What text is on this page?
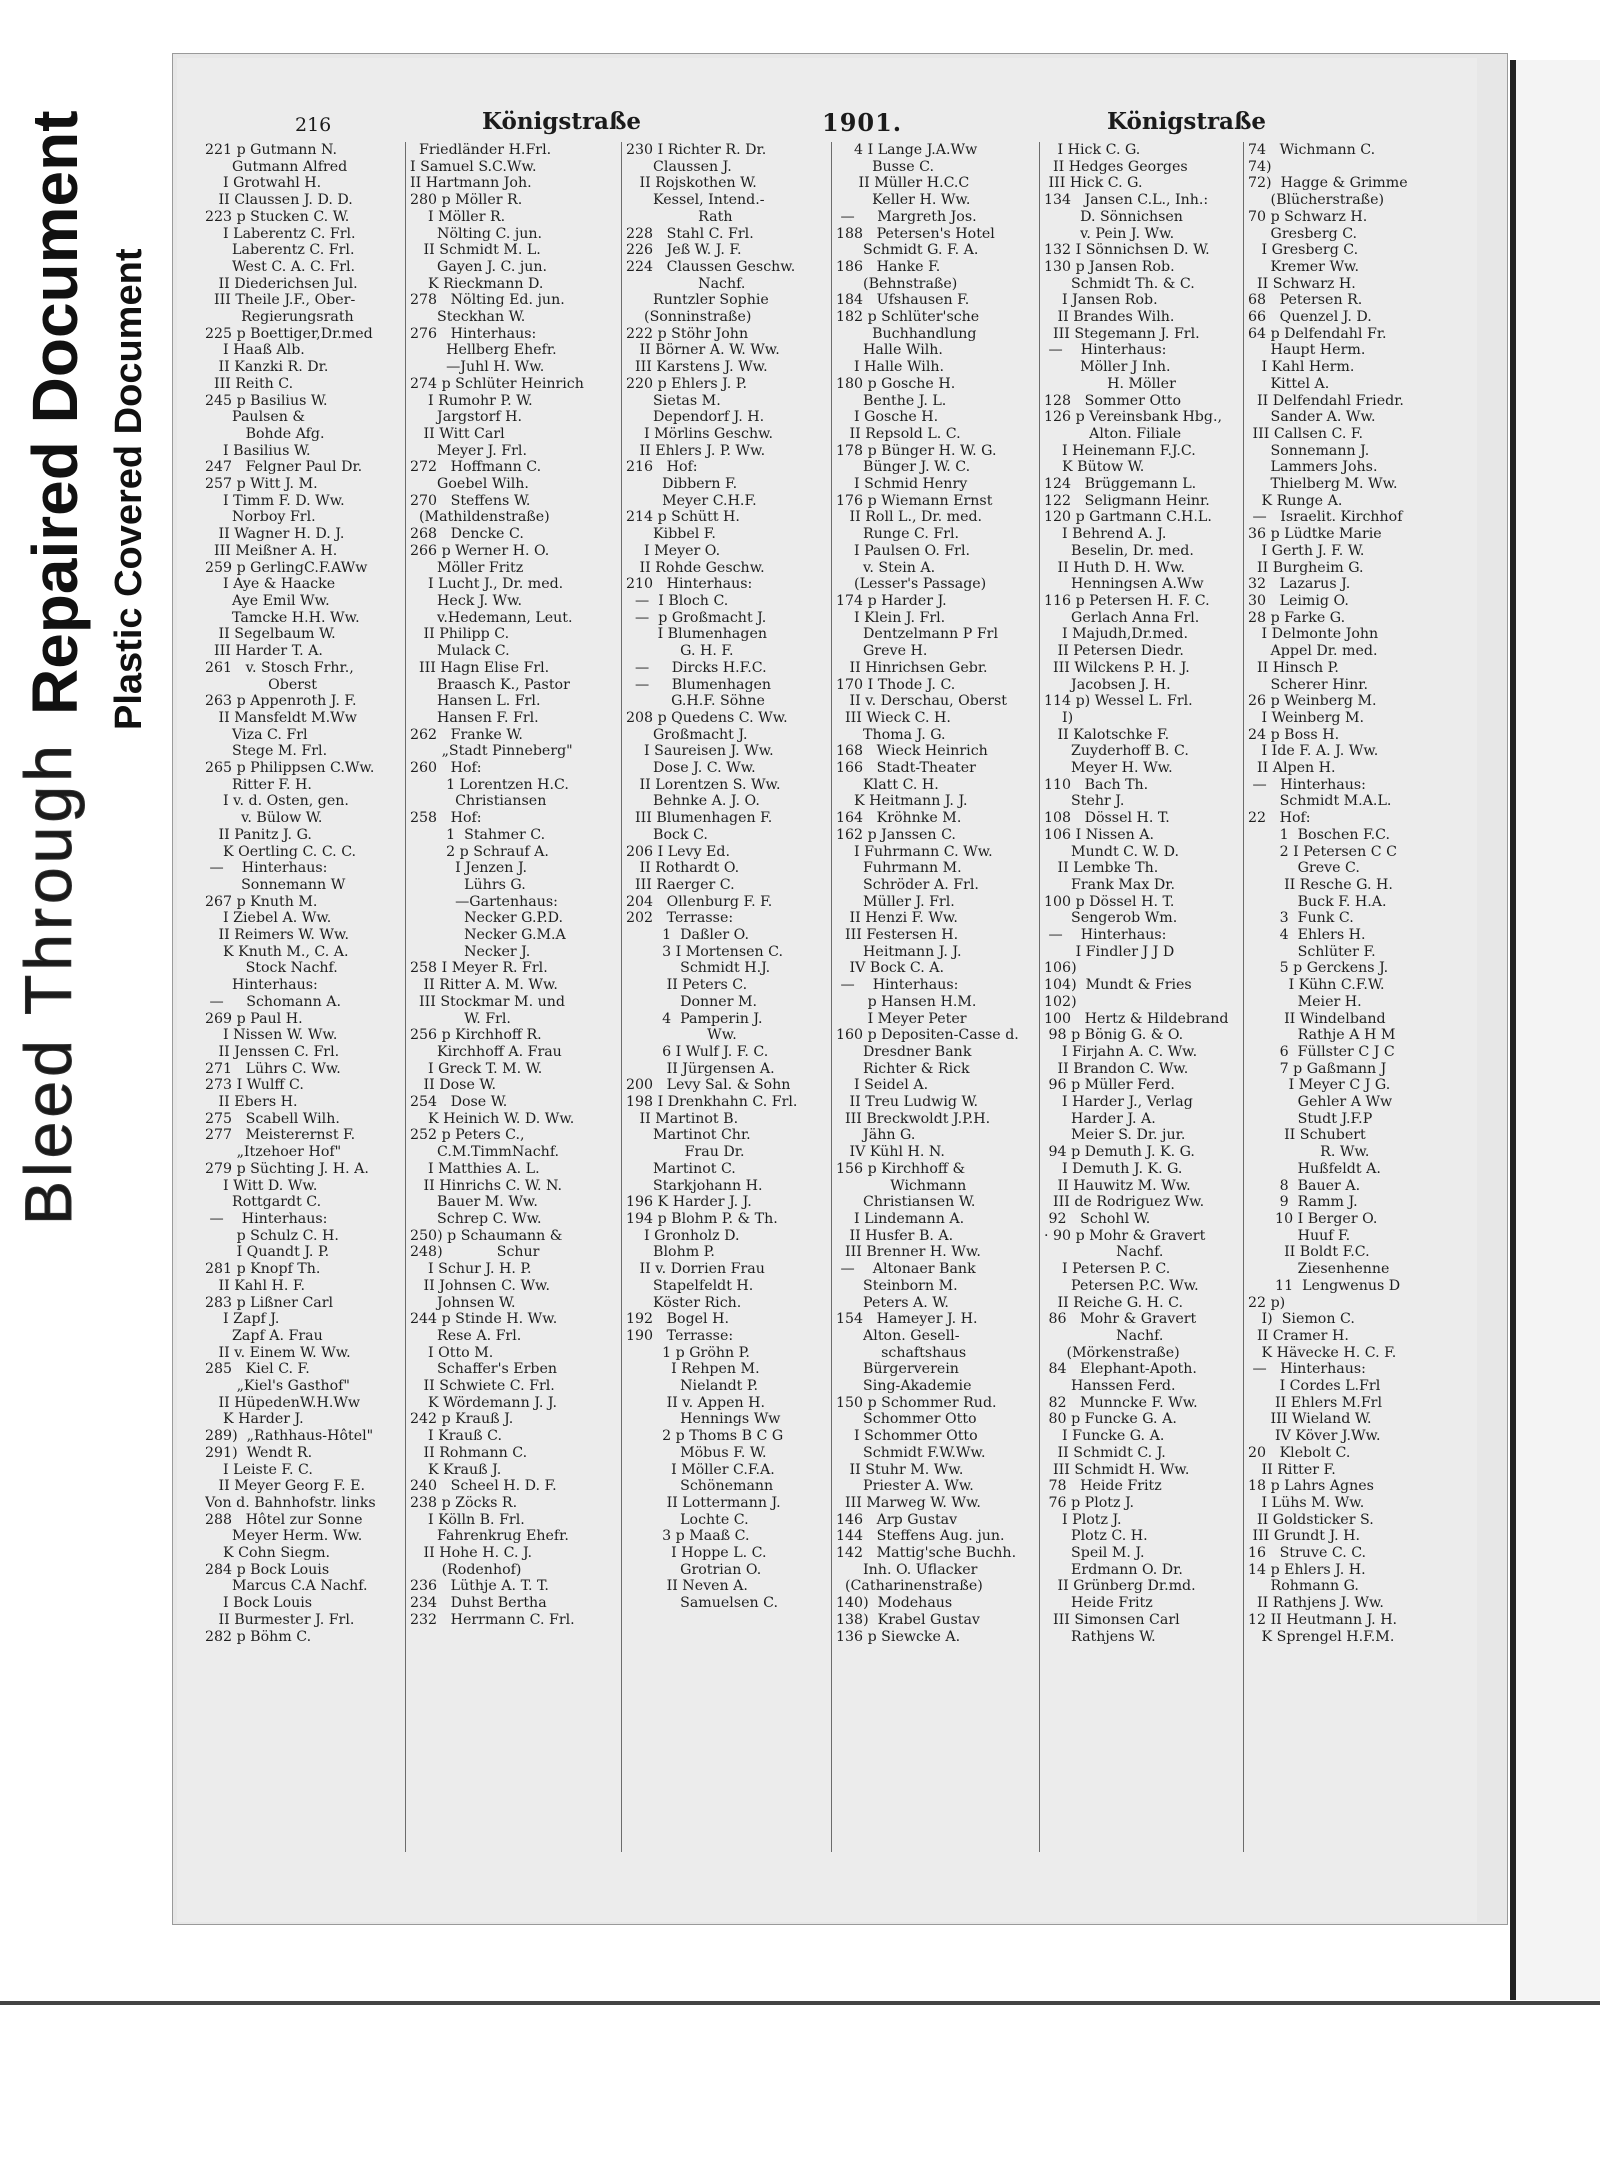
Bleed Through
Repaired Document Plastic Covered Document
216	Königstraße	1901.	Königstraße
221 p Gutmann N.
Gutmann Alfred
I Grotwahl H.
II Claussen J. D. D.
223 p Stucken C. W.
I Laberentz C. Frl.
Laberentz C. Frl.
West C. A. C. Frl.
II Diederichsen Jul.
III Theile J.F., Ober-
Regierungsrath
225 p Boettiger,Dr.med
I Haaß Alb.
II Kanzki R. Dr.
III Reith C.
245 p Basilius W.
Paulsen &
Bohde Afg.
I Basilius W.
247   Felgner Paul Dr.
257 p Witt J. M.
I Timm F. D. Ww.
Norboy Frl.
II Wagner H. D. J.
III Meißner A. H.
259 p GerlingC.F.AWw
I Aye & Haacke
Aye Emil Ww.
Tamcke H.H. Ww.
II Segelbaum W.
III Harder T. A.
261   v. Stosch Frhr.,
Oberst
263 p Appenroth J. F.
II Mansfeldt M.Ww
Viza C. Frl
Stege M. Frl.
265 p Philippsen C.Ww.
Ritter F. H.
I v. d. Osten, gen.
v. Bülow W.
II Panitz J. G.
K Oertling C. C. C.
—    Hinterhaus:
Sonnemann W
267 p Knuth M.
I Ziebel A. Ww.
II Reimers W. Ww.
K Knuth M., C. A.
Stock Nachf.
Hinterhaus:
—     Schomann A.
269 p Paul H.
I Nissen W. Ww.
II Jenssen C. Frl.
271   Lührs C. Ww.
273 I Wulff C.
II Ebers H.
275   Scabell Wilh.
277   Meisterernst F.
„Itzehoer Hof"
279 p Süchting J. H. A.
I Witt D. Ww.
Rottgardt C.
—    Hinterhaus:
p Schulz C. H.
I Quandt J. P.
281 p Knopf Th.
II Kahl H. F.
283 p Lißner Carl
I Zapf J.
Zapf A. Frau
II v. Einem W. Ww.
285   Kiel C. F.
„Kiel's Gasthof"
II HüpedenW.H.Ww
K Harder J.
289)  „Rathhaus-Hôtel"
291)  Wendt R.
I Leiste F. C.
II Meyer Georg F. E.
Von d. Bahnhofstr. links
288   Hôtel zur Sonne
Meyer Herm. Ww.
K Cohn Siegm.
284 p Bock Louis
Marcus C.A Nachf.
I Bock Louis
II Burmester J. Frl.
282 p Böhm C.
Friedländer H.Frl.
I Samuel S.C.Ww.
II Hartmann Joh.
280 p Möller R.
I Möller R.
Nölting C. jun.
II Schmidt M. L.
Gayen J. C. jun.
K Rieckmann D.
278   Nölting Ed. jun.
Steckhan W.
276   Hinterhaus:
Hellberg Ehefr.
—Juhl H. Ww.
274 p Schlüter Heinrich
I Rumohr P. W.
Jargstorf H.
II Witt Carl
Meyer J. Frl.
272   Hoffmann C.
Goebel Wilh.
270   Steffens W.
(Mathildenstraße)
268   Dencke C.
266 p Werner H. O.
Möller Fritz
I Lucht J., Dr. med.
Heck J. Ww.
v.Hedemann, Leut.
II Philipp C.
Mulack C.
III Hagn Elise Frl.
Braasch K., Pastor
Hansen L. Frl.
Hansen F. Frl.
262   Franke W.
„Stadt Pinneberg"
260   Hof:
1 Lorentzen H.C.
Christiansen
258   Hof:
1  Stahmer C.
2 p Schrauf A.
I Jenzen J.
Lührs G.
—Gartenhaus:
Necker G.P.D.
Necker G.M.A
Necker J.
258 I Meyer R. Frl.
II Ritter A. M. Ww.
III Stockmar M. und
W. Frl.
256 p Kirchhoff R.
Kirchhoff A. Frau
I Greck T. M. W.
II Dose W.
254   Dose W.
K Heinich W. D. Ww.
252 p Peters C.,
C.M.TimmNachf.
I Matthies A. L.
II Hinrichs C. W. N.
Bauer M. Ww.
Schrep C. Ww.
250) p Schaumann &
248)            Schur
I Schur J. H. P.
II Johnsen C. Ww.
Johnsen W.
244 p Stinde H. Ww.
Rese A. Frl.
I Otto M.
Schaffer's Erben
II Schwiete C. Frl.
K Wördemann J. J.
242 p Krauß J.
I Krauß C.
II Rohmann C.
K Krauß J.
240   Scheel H. D. F.
238 p Zöcks R.
I Kölln B. Frl.
Fahrenkrug Ehefr.
II Hohe H. C. J.
(Rodenhof)
236   Lüthje A. T. T.
234   Duhst Bertha
232   Herrmann C. Frl.
230 I Richter R. Dr.
Claussen J.
II Rojskothen W.
Kessel, Intend.-
Rath
228   Stahl C. Frl.
226   Jeß W. J. F.
224   Claussen Geschw.
Nachf.
Runtzler Sophie
(Sonninstraße)
222 p Stöhr John
II Börner A. W. Ww.
III Karstens J. Ww.
220 p Ehlers J. P.
Sietas M.
Dependorf J. H.
I Mörlins Geschw.
II Ehlers J. P. Ww.
216   Hof:
Dibbern F.
Meyer C.H.F.
214 p Schütt H.
Kibbel F.
I Meyer O.
II Rohde Geschw.
210   Hinterhaus:
—  I Bloch C.
—  p Großmacht J.
I Blumenhagen
G. H. F.
—     Dircks H.F.C.
—     Blumenhagen
G.H.F. Söhne
208 p Quedens C. Ww.
Großmacht J.
I Saureisen J. Ww.
Dose J. C. Ww.
II Lorentzen S. Ww.
Behnke A. J. O.
III Blumenhagen F.
Bock C.
206 I Levy Ed.
II Rothardt O.
III Raerger C.
204   Ollenburg F. F.
202   Terrasse:
1  Daßler O.
3 I Mortensen C.
Schmidt H.J.
II Peters C.
Donner M.
4  Pamperin J.
Ww.
6 I Wulf J. F. C.
II Jürgensen A.
200   Levy Sal. & Sohn
198 I Drenkhahn C. Frl.
II Martinot B.
Martinot Chr.
Frau Dr.
Martinot C.
Starkjohann H.
196 K Harder J. J.
194 p Blohm P. & Th.
I Gronholz D.
Blohm P.
II v. Dorrien Frau
Stapelfeldt H.
Köster Rich.
192   Bogel H.
190   Terrasse:
1 p Gröhn P.
I Rehpen M.
Nielandt P.
II v. Appen H.
Hennings Ww
2 p Thoms B C G
Möbus F. W.
I Möller C.F.A.
Schönemann
II Lottermann J.
Lochte C.
3 p Maaß C.
I Hoppe L. C.
Grotrian O.
II Neven A.
Samuelsen C.
4 I Lange J.A.Ww
Busse C.
II Müller H.C.C
Keller H. Ww.
—     Margreth Jos.
188   Petersen's Hotel
Schmidt G. F. A.
186   Hanke F.
(Behnstraße)
184   Ufshausen F.
182 p Schlüter'sche
Buchhandlung
Halle Wilh.
I Halle Wilh.
180 p Gosche H.
Benthe J. L.
I Gosche H.
II Repsold L. C.
178 p Bünger H. W. G.
Bünger J. W. C.
I Schmid Henry
176 p Wiemann Ernst
II Roll L., Dr. med.
Runge C. Frl.
I Paulsen O. Frl.
v. Stein A.
(Lesser's Passage)
174 p Harder J.
I Klein J. Frl.
Dentzelmann P Frl
Greve H.
II Hinrichsen Gebr.
170 I Thode J. C.
II v. Derschau, Oberst
III Wieck C. H.
Thoma J. G.
168   Wieck Heinrich
166   Stadt-Theater
Klatt C. H.
K Heitmann J. J.
164   Kröhnke M.
162 p Janssen C.
I Fuhrmann C. Ww.
Fuhrmann M.
Schröder A. Frl.
Müller J. Frl.
II Henzi F. Ww.
III Festersen H.
Heitmann J. J.
IV Bock C. A.
—    Hinterhaus:
p Hansen H.M.
I Meyer Peter
160 p Depositen-Casse d.
Dresdner Bank
Richter & Rick
I Seidel A.
II Treu Ludwig W.
III Breckwoldt J.P.H.
Jähn G.
IV Kühl H. N.
156 p Kirchhoff &
Wichmann
Christiansen W.
I Lindemann A.
II Husfer B. A.
III Brenner H. Ww.
—    Altonaer Bank
Steinborn M.
Peters A. W.
154   Hameyer J. H.
Alton. Gesell-
schaftshaus
Bürgerverein
Sing-Akademie
150 p Schommer Rud.
Schommer Otto
I Schommer Otto
Schmidt F.W.Ww.
II Stuhr M. Ww.
Priester A. Ww.
III Marweg W. Ww.
146   Arp Gustav
144   Steffens Aug. jun.
142   Mattig'sche Buchh.
Inh. O. Uflacker
(Catharinenstraße)
140)  Modehaus
138)  Krabel Gustav
136 p Siewcke A.
I Hick C. G.
II Hedges Georges
III Hick C. G.
134   Jansen C.L., Inh.:
D. Sönnichsen
v. Pein J. Ww.
132 I Sönnichsen D. W.
130 p Jansen Rob.
Schmidt Th. & C.
I Jansen Rob.
II Brandes Wilh.
III Stegemann J. Frl.
—    Hinterhaus:
Möller J Inh.
H. Möller
128   Sommer Otto
126 p Vereinsbank Hbg.,
Alton. Filiale
I Heinemann F.J.C.
K Bütow W.
124   Brüggemann L.
122   Seligmann Heinr.
120 p Gartmann C.H.L.
I Behrend A. J.
Beselin, Dr. med.
II Huth D. H. Ww.
Henningsen A.Ww
116 p Petersen H. F. C.
Gerlach Anna Frl.
I Majudh,Dr.med.
II Petersen Diedr.
III Wilckens P. H. J.
Jacobsen J. H.
114 p) Wessel L. Frl.
I)
II Kalotschke F.
Zuyderhoff B. C.
Meyer H. Ww.
110   Bach Th.
Stehr J.
108   Dössel H. T.
106 I Nissen A.
Mundt C. W. D.
II Lembke Th.
Frank Max Dr.
100 p Dössel H. T.
Sengerob Wm.
—    Hinterhaus:
I Findler J J D
106)
104)  Mundt & Fries
102)
100   Hertz & Hildebrand
98 p Bönig G. & O.
I Firjahn A. C. Ww.
II Brandon C. Ww.
96 p Müller Ferd.
I Harder J., Verlag
Harder J. A.
Meier S. Dr. jur.
94 p Demuth J. K. G.
I Demuth J. K. G.
II Hauwitz M. Ww.
III de Rodriguez Ww.
92   Schohl W.
· 90 p Mohr & Gravert
Nachf.
I Petersen P. C.
Petersen P.C. Ww.
II Reiche G. H. C.
86   Mohr & Gravert
Nachf.
(Mörkenstraße)
84   Elephant-Apoth.
Hanssen Ferd.
82   Munncke F. Ww.
80 p Funcke G. A.
I Funcke G. A.
II Schmidt C. J.
III Schmidt H. Ww.
78   Heide Fritz
76 p Plotz J.
I Plotz J.
Plotz C. H.
Speil M. J.
Erdmann O. Dr.
II Grünberg Dr.md.
Heide Fritz
III Simonsen Carl
Rathjens W.
74   Wichmann C.
74)
72)  Hagge & Grimme
(Blücherstraße)
70 p Schwarz H.
Gresberg C.
I Gresberg C.
Kremer Ww.
II Schwarz H.
68   Petersen R.
66   Quenzel J. D.
64 p Delfendahl Fr.
Haupt Herm.
I Kahl Herm.
Kittel A.
II Delfendahl Friedr.
Sander A. Ww.
III Callsen C. F.
Sonnemann J.
Lammers Johs.
Thielberg M. Ww.
K Runge A.
—   Israelit. Kirchhof
36 p Lüdtke Marie
I Gerth J. F. W.
II Burgheim G.
32   Lazarus J.
30   Leimig O.
28 p Farke G.
I Delmonte John
Appel Dr. med.
II Hinsch P.
Scherer Hinr.
26 p Weinberg M.
I Weinberg M.
24 p Boss H.
I Ide F. A. J. Ww.
II Alpen H.
—   Hinterhaus:
Schmidt M.A.L.
22   Hof:
1  Boschen F.C.
2 I Petersen C C
Greve C.
II Resche G. H.
Buck F. H.A.
3  Funk C.
4  Ehlers H.
Schlüter F.
5 p Gerckens J.
I Kühn C.F.W.
Meier H.
II Windelband
Rathje A H M
6  Füllster C J C
7 p Gaßmann J
I Meyer C J G.
Gehler A Ww
Studt J.F.P
II Schubert
R. Ww.
Hußfeldt A.
8  Bauer A.
9  Ramm J.
10 I Berger O.
Huuf F.
II Boldt F.C.
Ziesenhenne
11  Lengwenus D
22 p)
I)  Siemon C.
II Cramer H.
K Hävecke H. C. F.
—   Hinterhaus:
I Cordes L.Frl
II Ehlers M.Frl
III Wieland W.
IV Köver J.Ww.
20   Klebolt C.
II Ritter F.
18 p Lahrs Agnes
I Lühs M. Ww.
II Goldsticker S.
III Grundt J. H.
16   Struve C. C.
14 p Ehlers J. H.
Rohmann G.
II Rathjens J. Ww.
12 II Heutmann J. H.
K Sprengel H.F.M.
